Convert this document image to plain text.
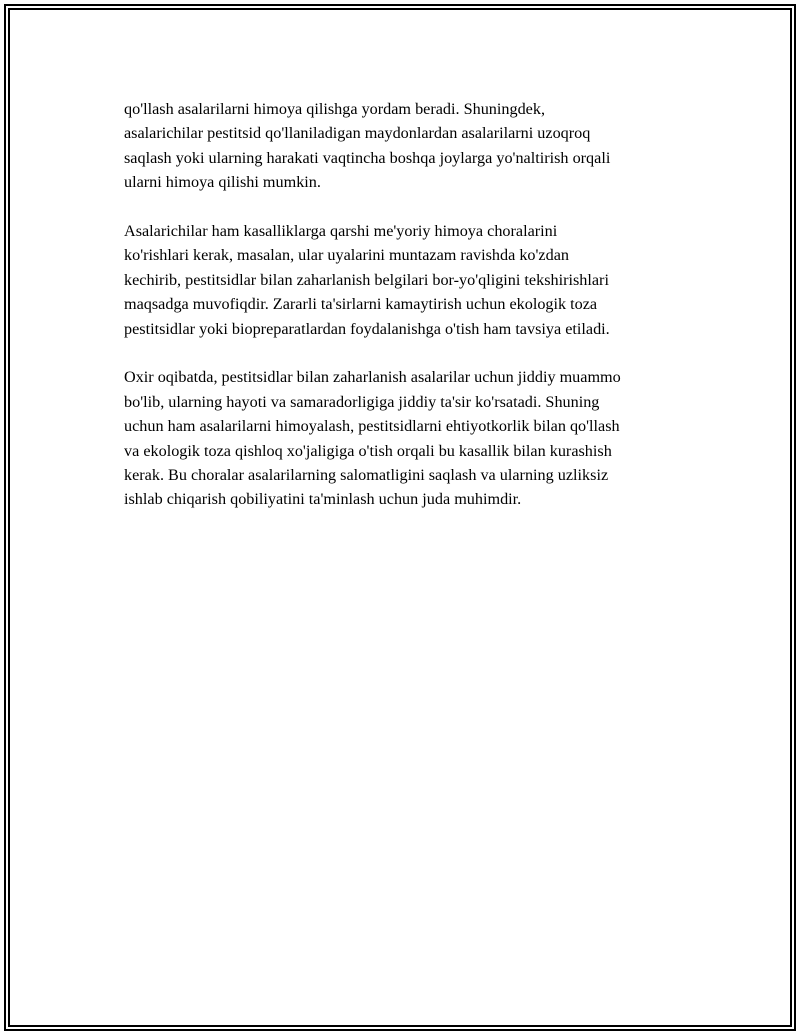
qo'llash asalarilarni himoya qilishga yordam beradi. Shuningdek,
asalarichilar pestitsid qo'llaniladigan maydonlardan asalarilarni uzoqroq
saqlash yoki ularning harakati vaqtincha boshqa joylarga yo'naltirish orqali
ularni himoya qilishi mumkin.

Asalarichilar ham kasalliklarga qarshi me'yoriy himoya choralarini
ko'rishlari kerak, masalan, ular uyalarini muntazam ravishda ko'zdan
kechirib, pestitsidlar bilan zaharlanish belgilari bor-yo'qligini tekshirishlari
maqsadga muvofiqdir. Zararli ta'sirlarni kamaytirish uchun ekologik toza
pestitsidlar yoki biopreparatlardan foydalanishga o'tish ham tavsiya etiladi.

Oxir oqibatda, pestitsidlar bilan zaharlanish asalarilar uchun jiddiy muammo
bo'lib, ularning hayoti va samaradorligiga jiddiy ta'sir ko'rsatadi. Shuning
uchun ham asalarilarni himoyalash, pestitsidlarni ehtiyotkorlik bilan qo'llash
va ekologik toza qishloq xo'jaligiga o'tish orqali bu kasallik bilan kurashish
kerak. Bu choralar asalarilarning salomatligini saqlash va ularning uzliksiz
ishlab chiqarish qobiliyatini ta'minlash uchun juda muhimdir.
